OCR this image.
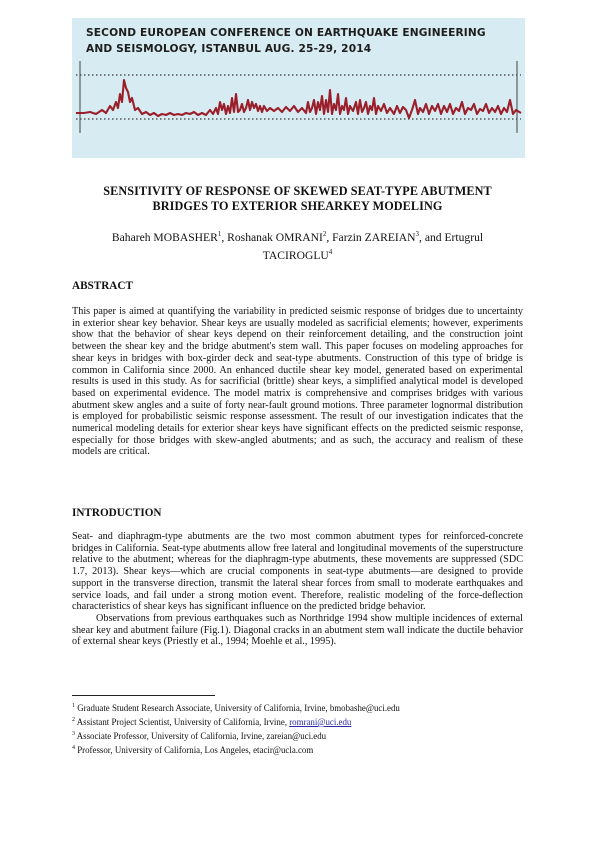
SECOND EUROPEAN CONFERENCE ON EARTHQUAKE ENGINEERING
AND SEISMOLOGY, ISTANBUL AUG. 25-29, 2014
SENSITIVITY OF RESPONSE OF SKEWED SEAT-TYPE ABUTMENT
BRIDGES TO EXTERIOR SHEARKEY MODELING
Bahareh MOBASHER$^1$, Roshanak OMRANI$^2$, Farzin ZAREIAN$^3$, and Ertugrul
TACIROGLU$^4$
ABSTRACT
This paper is aimed at quantifying the variability in predicted seismic response of bridges due to uncertainty in exterior shear key behavior. Shear keys are usually modeled as sacrificial elements; however, experiments show that the behavior of shear keys depend on their reinforcement detailing, and the construction joint between the shear key and the bridge abutment's stem wall. This paper focuses on modeling approaches for shear keys in bridges with box-girder deck and seat-type abutments. Construction of this type of bridge is common in California since 2000. An enhanced ductile shear key model, generated based on experimental results is used in this study. As for sacrificial (brittle) shear keys, a simplified analytical model is developed based on experimental evidence. The model matrix is comprehensive and comprises bridges with various abutment skew angles and a suite of forty near-fault ground motions. Three parameter lognormal distribution is employed for probabilistic seismic response assessment. The result of our investigation indicates that the numerical modeling details for exterior shear keys have significant effects on the predicted seismic response, especially for those bridges with skew-angled abutments; and as such, the accuracy and realism of these models are critical.
INTRODUCTION

Seat- and diaphragm-type abutments are the two most common abutment types for reinforced-concrete bridges in California. Seat-type abutments allow free lateral and longitudinal movements of the superstructure relative to the abutment; whereas for the diaphragm-type abutments, these movements are suppressed (SDC 1.7, 2013). Shear keys—which are crucial components in seat-type abutments—are designed to provide support in the transverse direction, transmit the lateral shear forces from small to moderate earthquakes and service loads, and fail under a strong motion event. Therefore, realistic modeling of the force-deflection characteristics of shear keys has significant influence on the predicted bridge behavior.

Observations from previous earthquakes such as Northridge 1994 show multiple incidences of external shear key and abutment failure (Fig.1). Diagonal cracks in an abutment stem wall indicate the ductile behavior of external shear keys (Priestly et al., 1994; Moehle et al., 1995).

$^1$ Graduate Student Research Associate, University of California, Irvine, bmobashe@uci.edu
$^2$ Assistant Project Scientist, University of California, Irvine, romrani@uci.edu
$^3$ Associate Professor, University of California, Irvine, zareian@uci.edu
$^4$ Professor, University of California, Los Angeles, etacir@ucla.com
